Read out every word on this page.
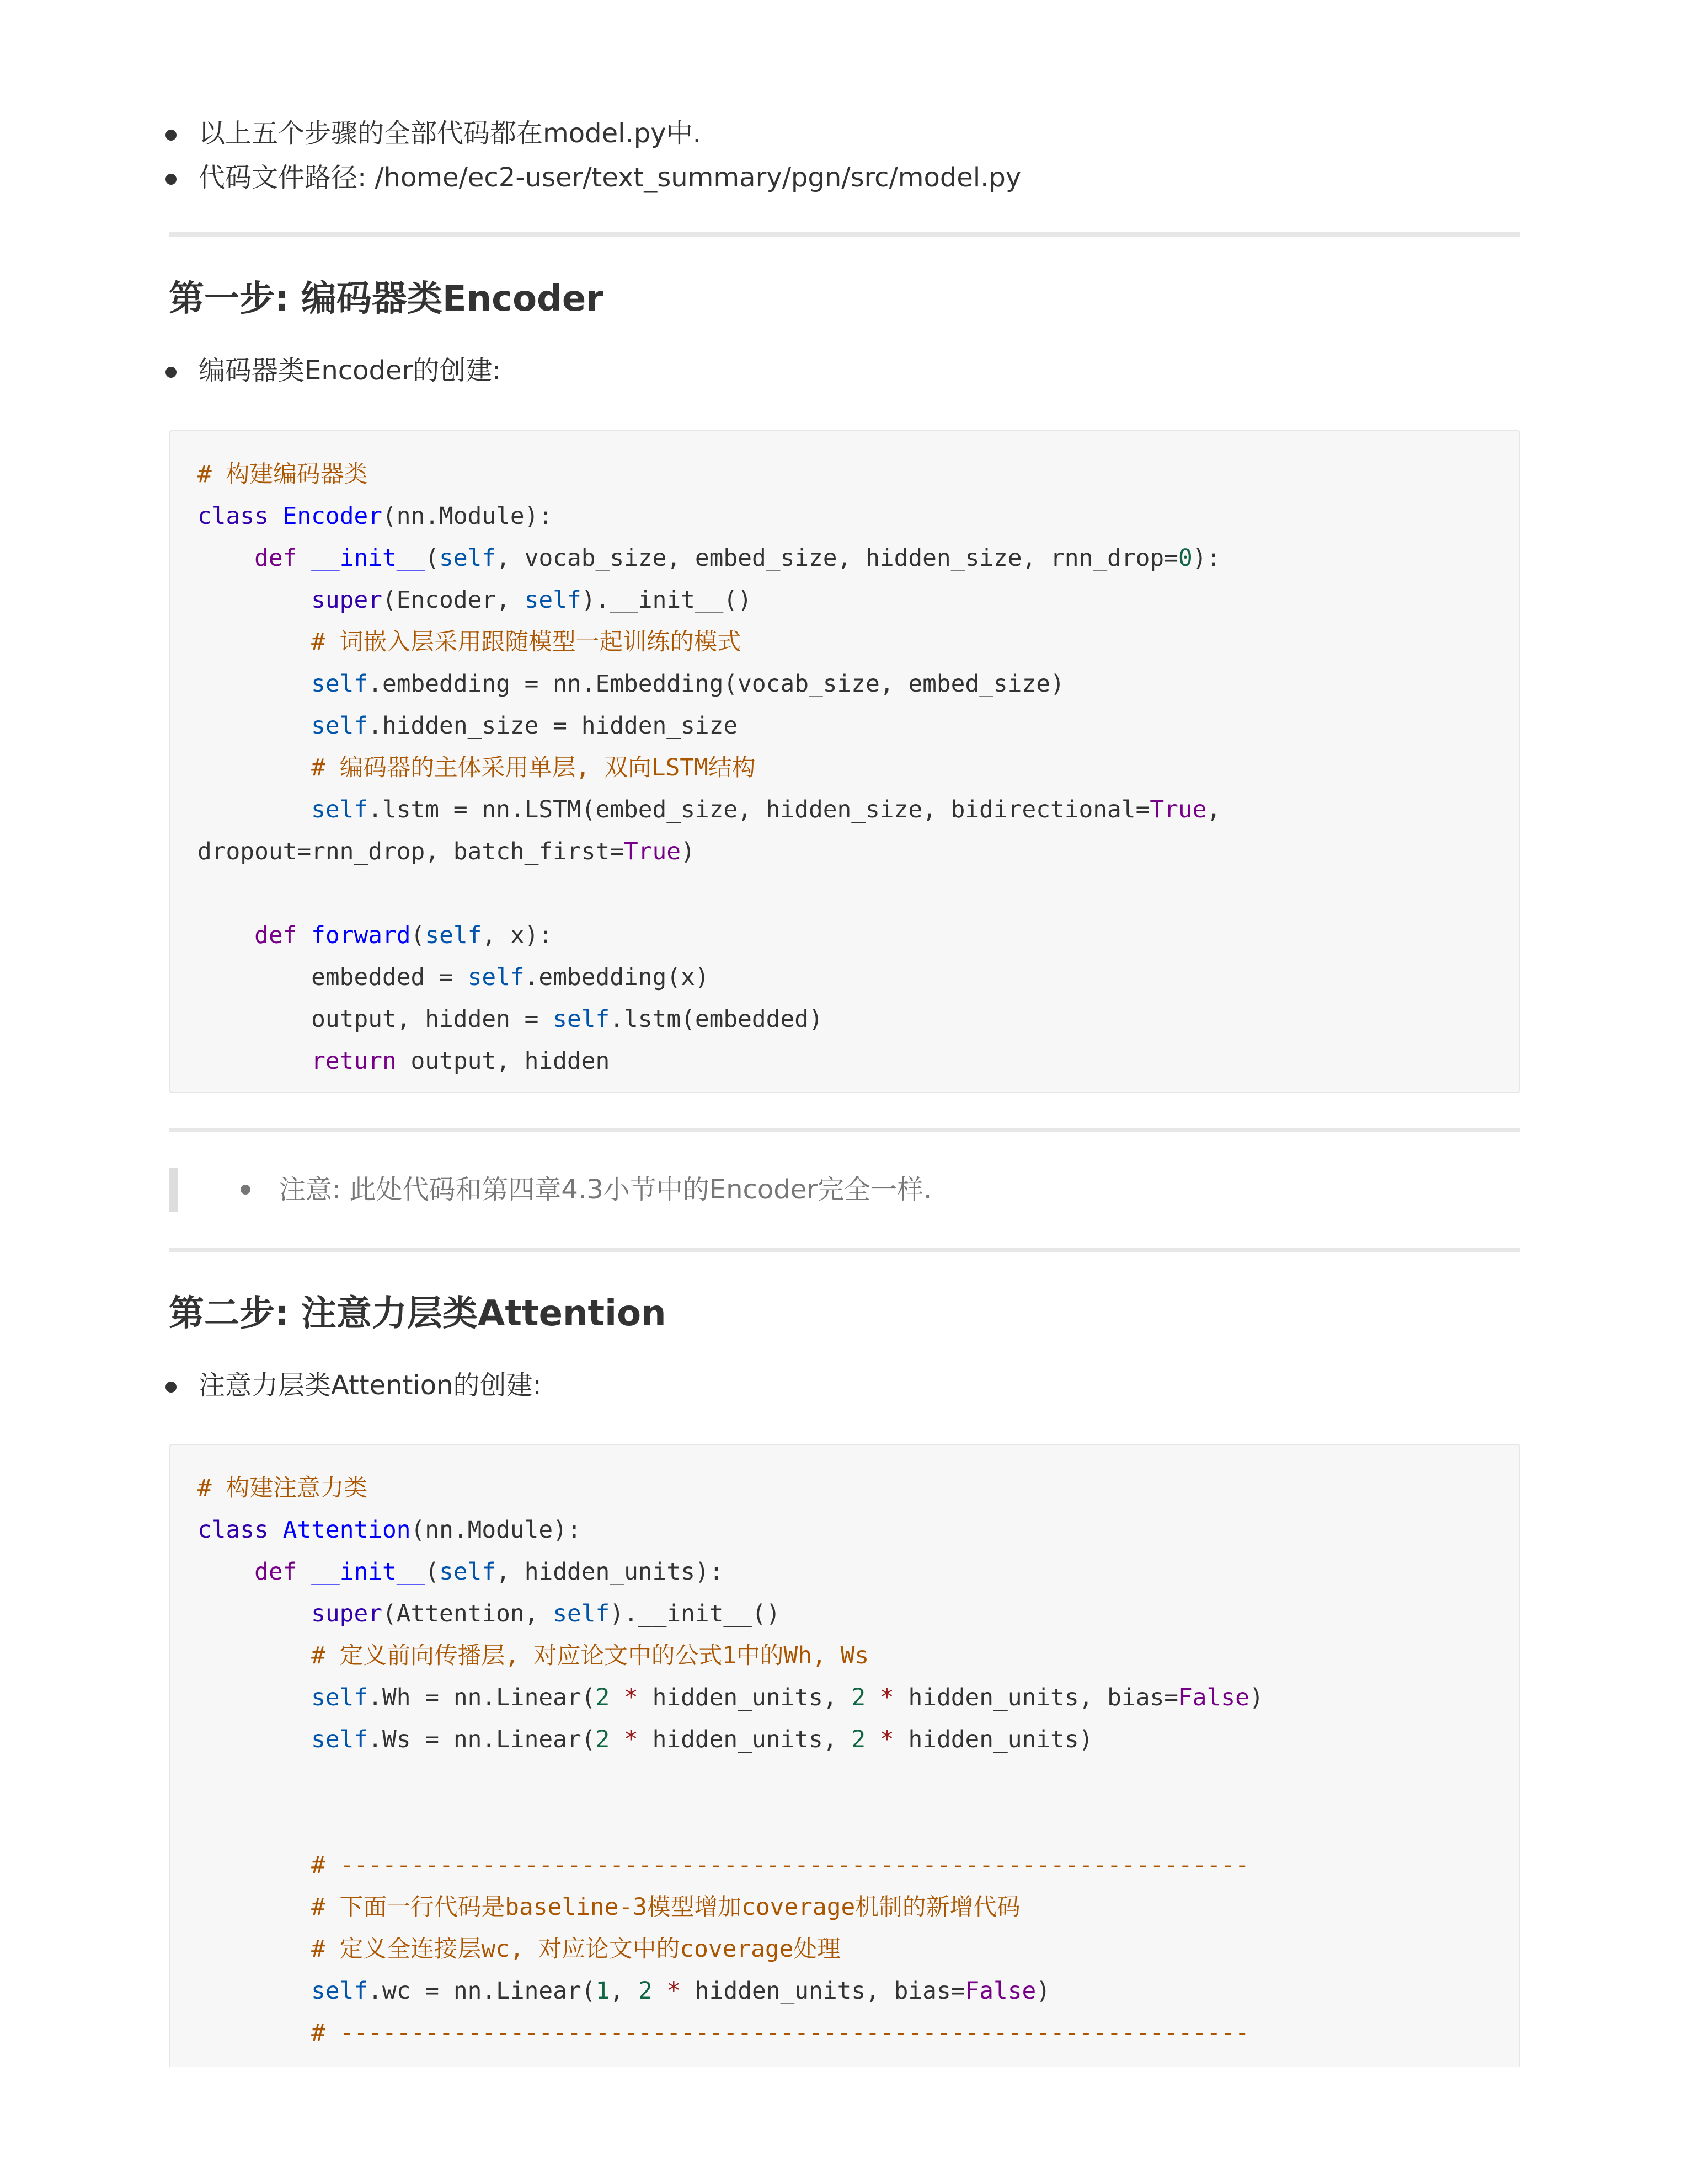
以上五个步骤的全部代码都在model.py中.
代码文件路径: /home/ec2-user/text_summary/pgn/src/model.py
第一步: 编码器类Encoder
编码器类Encoder的创建:
# 构建编码器类
class Encoder(nn.Module):
def __init__(self, vocab_size, embed_size, hidden_size, rnn_drop=0):
super(Encoder, self).__init__()
# 词嵌入层采用跟随模型一起训练的模式
self.embedding = nn.Embedding(vocab_size, embed_size)
self.hidden_size = hidden_size
# 编码器的主体采用单层, 双向LSTM结构
self.lstm = nn.LSTM(embed_size, hidden_size, bidirectional=True,
dropout=rnn_drop, batch_first=True)

def forward(self, x):
embedded = self.embedding(x)
output, hidden = self.lstm(embedded)
return output, hidden
注意: 此处代码和第四章4.3小节中的Encoder完全一样.
第二步: 注意力层类Attention
注意力层类Attention的创建:
# 构建注意力类
class Attention(nn.Module):
def __init__(self, hidden_units):
super(Attention, self).__init__()
# 定义前向传播层, 对应论文中的公式1中的Wh, Ws
self.Wh = nn.Linear(2 * hidden_units, 2 * hidden_units, bias=False)
self.Ws = nn.Linear(2 * hidden_units, 2 * hidden_units)

# ----------------------------------------------------------------
# 下面一行代码是baseline-3模型增加coverage机制的新增代码
# 定义全连接层wc, 对应论文中的coverage处理
self.wc = nn.Linear(1, 2 * hidden_units, bias=False)
# ----------------------------------------------------------------
